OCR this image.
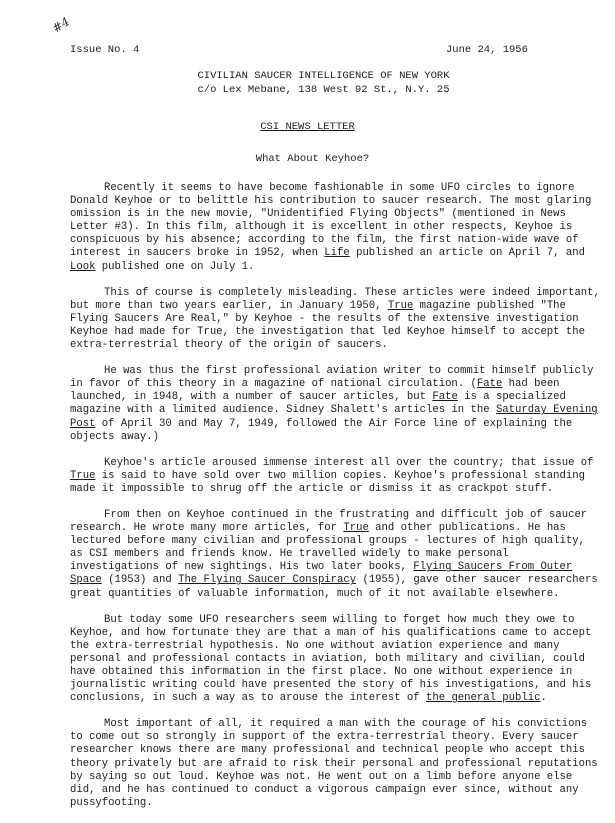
#4
Issue No. 4	June 24, 1956
CIVILIAN SAUCER INTELLIGENCE OF NEW YORK
c/o Lex Mebane, 138 West 92 St., N.Y. 25
CSI NEWS LETTER
What About Keyhoe?

Recently it seems to have become fashionable in some UFO circles to ignore Donald Keyhoe or to belittle his contribution to saucer research. The most glaring omission is in the new movie, "Unidentified Flying Objects" (mentioned in News Letter #3). In this film, although it is excellent in other respects, Keyhoe is conspicuous by his absence; according to the film, the first nation-wide wave of interest in saucers broke in 1952, when Life published an article on April 7, and Look published one on July 1.

This of course is completely misleading. These articles were indeed important, but more than two years earlier, in January 1950, True magazine published "The Flying Saucers Are Real," by Keyhoe - the results of the extensive investigation Keyhoe had made for True, the investigation that led Keyhoe himself to accept the extra-terrestrial theory of the origin of saucers.

He was thus the first professional aviation writer to commit himself publicly in favor of this theory in a magazine of national circulation. (Fate had been launched, in 1948, with a number of saucer articles, but Fate is a specialized magazine with a limited audience. Sidney Shalett's articles in the Saturday Evening Post of April 30 and May 7, 1949, followed the Air Force line of explaining the objects away.)

Keyhoe's article aroused immense interest all over the country; that issue of True is said to have sold over two million copies. Keyhoe's professional standing made it impossible to shrug off the article or dismiss it as crackpot stuff.

From then on Keyhoe continued in the frustrating and difficult job of saucer research. He wrote many more articles, for True and other publications. He has lectured before many civilian and professional groups - lectures of high quality, as CSI members and friends know. He travelled widely to make personal investigations of new sightings. His two later books, Flying Saucers From Outer Space (1953) and The Flying Saucer Conspiracy (1955), gave other saucer researchers great quantities of valuable information, much of it not available elsewhere.

But today some UFO researchers seem willing to forget how much they owe to Keyhoe, and how fortunate they are that a man of his qualifications came to accept the extra-terrestrial hypothesis. No one without aviation experience and many personal and professional contacts in aviation, both military and civilian, could have obtained this information in the first place. No one without experience in journalistic writing could have presented the story of his investigations, and his conclusions, in such a way as to arouse the interest of the general public.

Most important of all, it required a man with the courage of his convictions to come out so strongly in support of the extra-terrestrial theory. Every saucer researcher knows there are many professional and technical people who accept this theory privately but are afraid to risk their personal and professional reputations by saying so out loud. Keyhoe was not. He went out on a limb before anyone else did, and he has continued to conduct a vigorous campaign ever since, without any pussyfooting.
